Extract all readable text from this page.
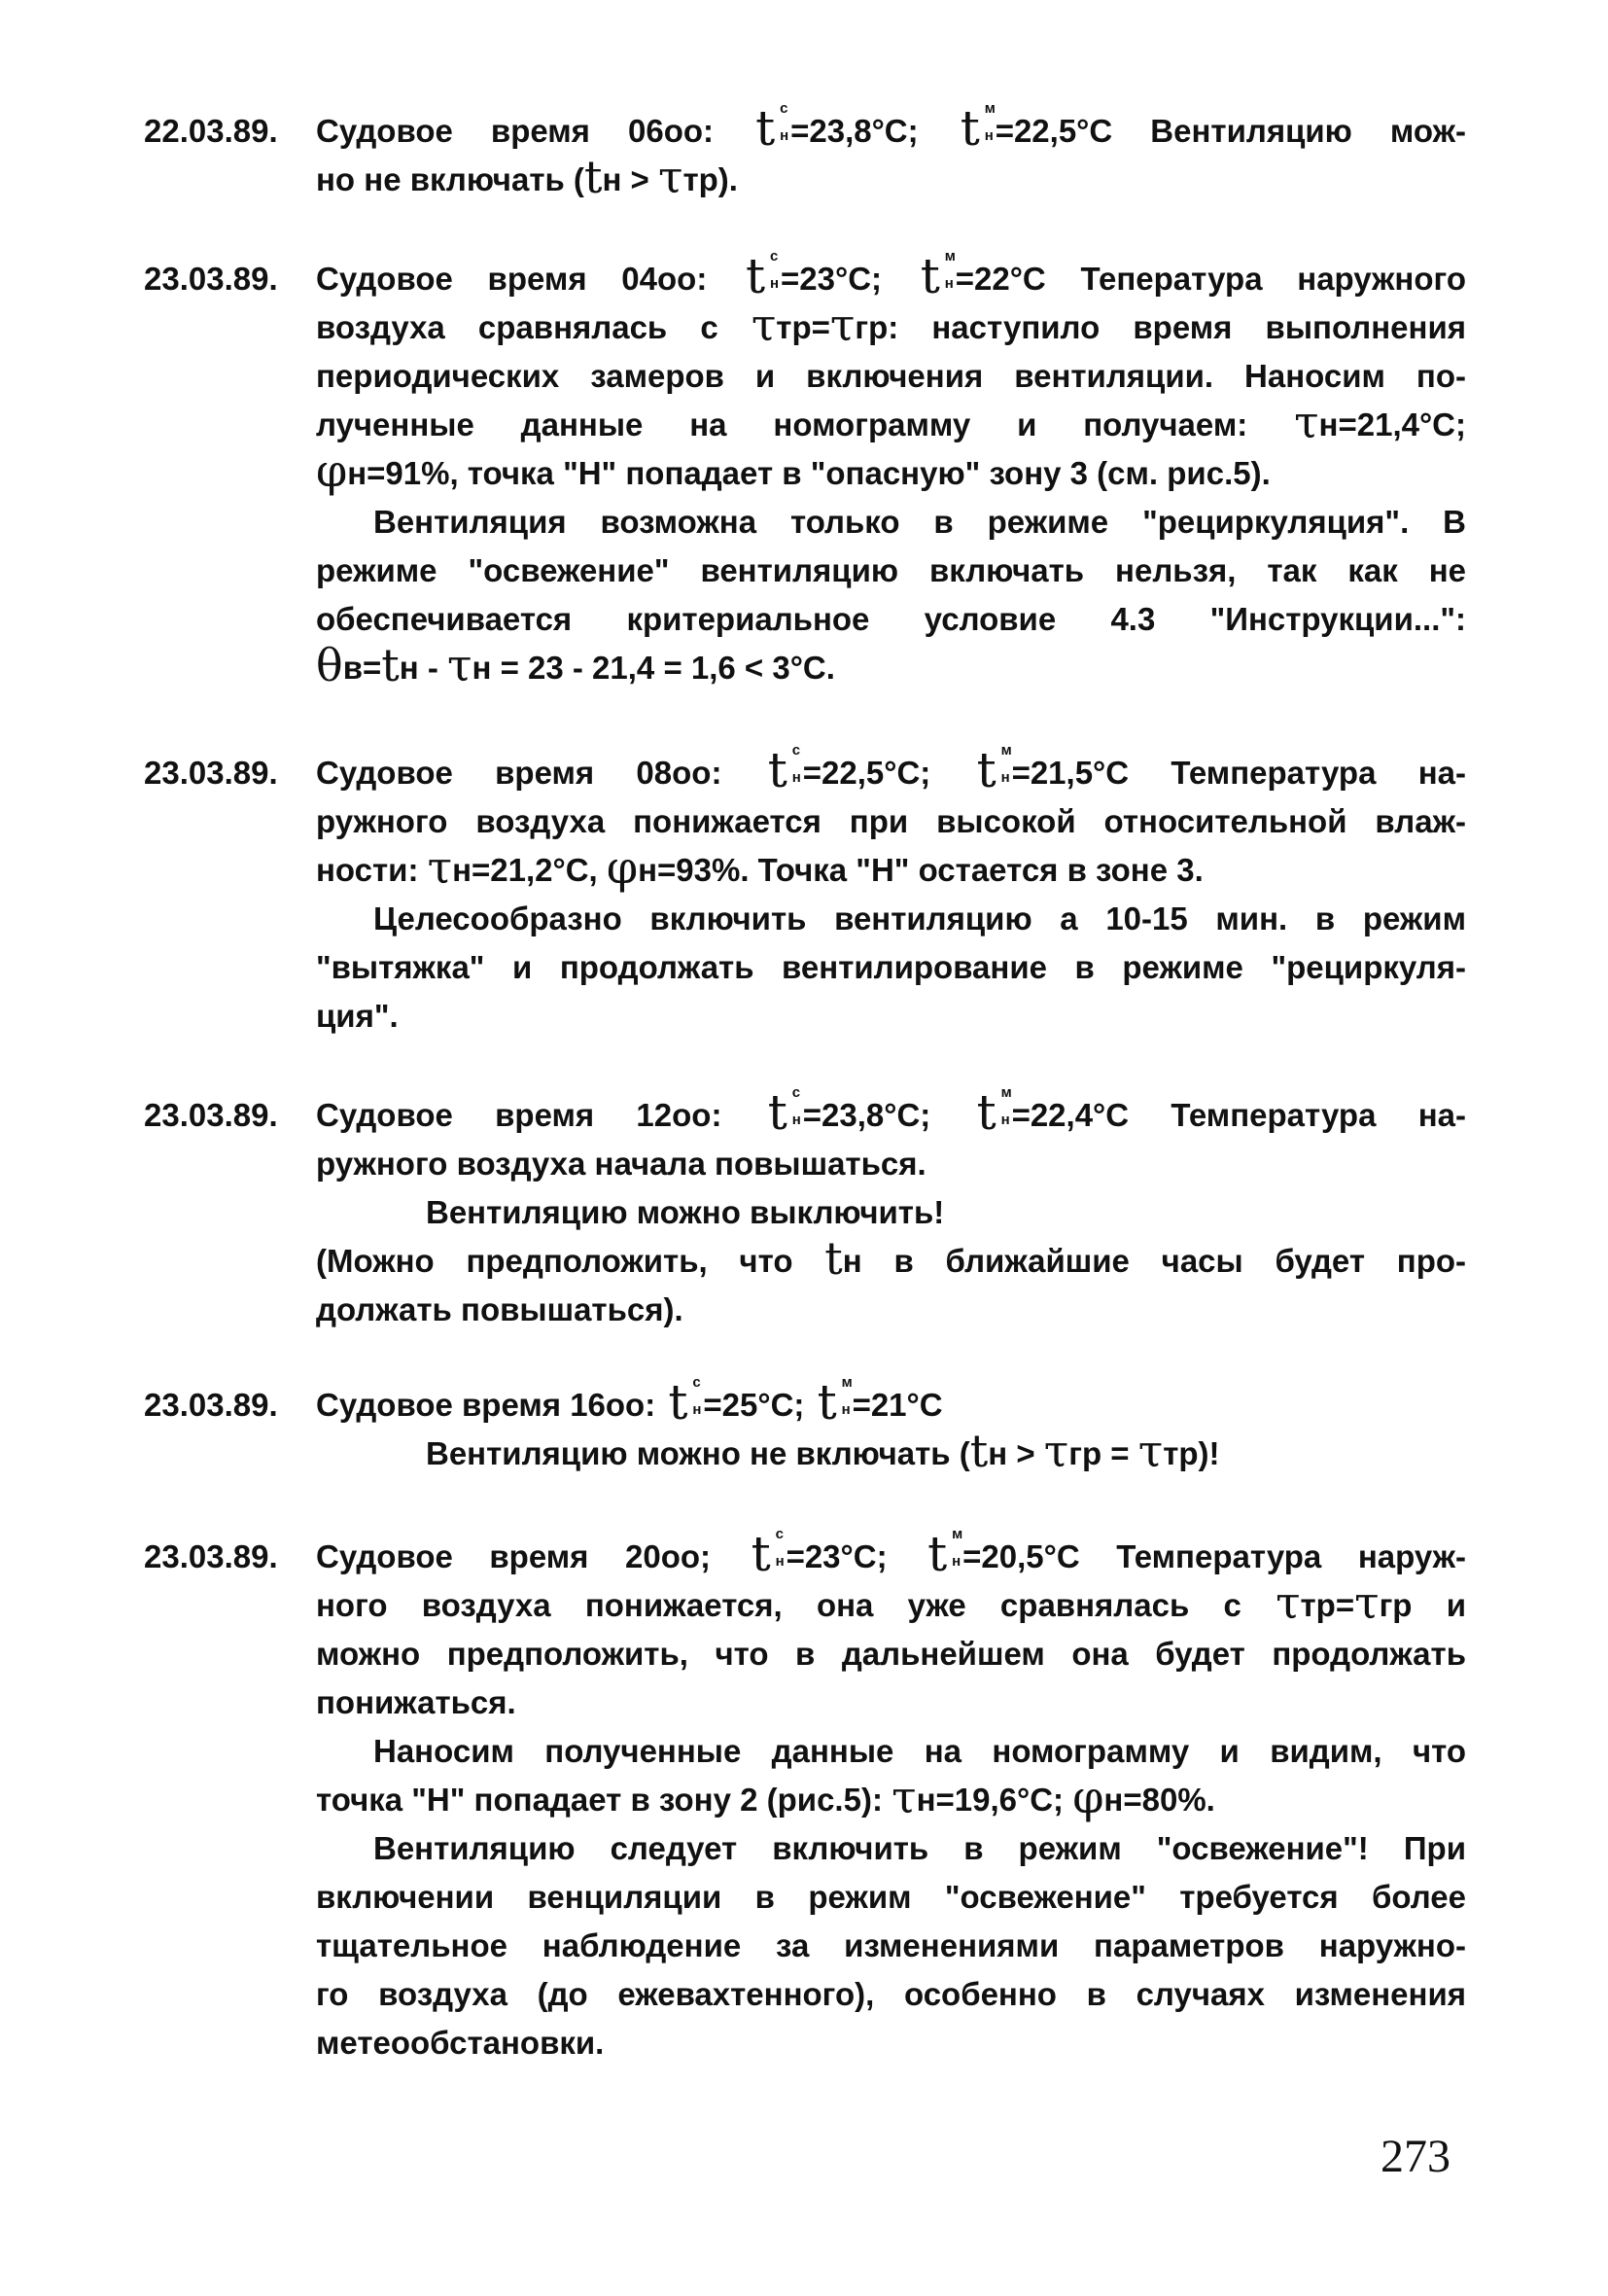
22.03.89. Судовое время 06оо: t с
н =23,8°С; t м
н =22,5°С Вентиляцию мож-
но не включать (tн > τтр).
23.03.89. Судовое время 04оо: t с
н =23°С; t м
н =22°С Тепература наружного
воздуха сравнялась с τтр=τгр: наступило время выполнения
периодических замеров и включения вентиляции. Наносим по-
лученные данные на номограмму и получаем: τн=21,4°С;
φн=91%, точка "Н" попадает в "опасную" зону 3 (см. рис.5).
Вентиляция возможна только в режиме "рециркуляция". В
режиме "освежение" вентиляцию включать нельзя, так как не
обеспечивается критериальное условие 4.3 "Инструкции...":
θв=tн - τн = 23 - 21,4 = 1,6 < 3°С.
23.03.89. Судовое время 08оо: t с
н =22,5°С; t м
н =21,5°С Температура на-
ружного воздуха понижается при высокой относительной влаж-
ности: τн=21,2°С, φн=93%. Точка "Н" остается в зоне 3.
Целесообразно включить вентиляцию а 10-15 мин. в режим
"вытяжка" и продолжать вентилирование в режиме "рециркуля-
ция".
23.03.89. Судовое время 12оо: t с
н =23,8°С; t м
н =22,4°С Температура на-
ружного воздуха начала повышаться.
Вентиляцию можно выключить!
(Можно предположить, что tн в ближайшие часы будет про-
должать повышаться).
23.03.89. Судовое время 16оо: t с
н =25°С; t м
н =21°С
Вентиляцию можно не включать (tн > τгр = τтр)!
23.03.89. Судовое время 20оо; t с
н =23°С; t м
н =20,5°С Температура наруж-
ного воздуха понижается, она уже сравнялась с τтр=τгр и
можно предположить, что в дальнейшем она будет продолжать
понижаться.
Наносим полученные данные на номограмму и видим, что
точка "Н" попадает в зону 2 (рис.5): τн=19,6°С; φн=80%.
Вентиляцию следует включить в режим "освежение"! При
включении венциляции в режим "освежение" требуется более
тщательное наблюдение за изменениями параметров наружно-
го воздуха (до ежевахтенного), особенно в случаях изменения
метеообстановки.
273
